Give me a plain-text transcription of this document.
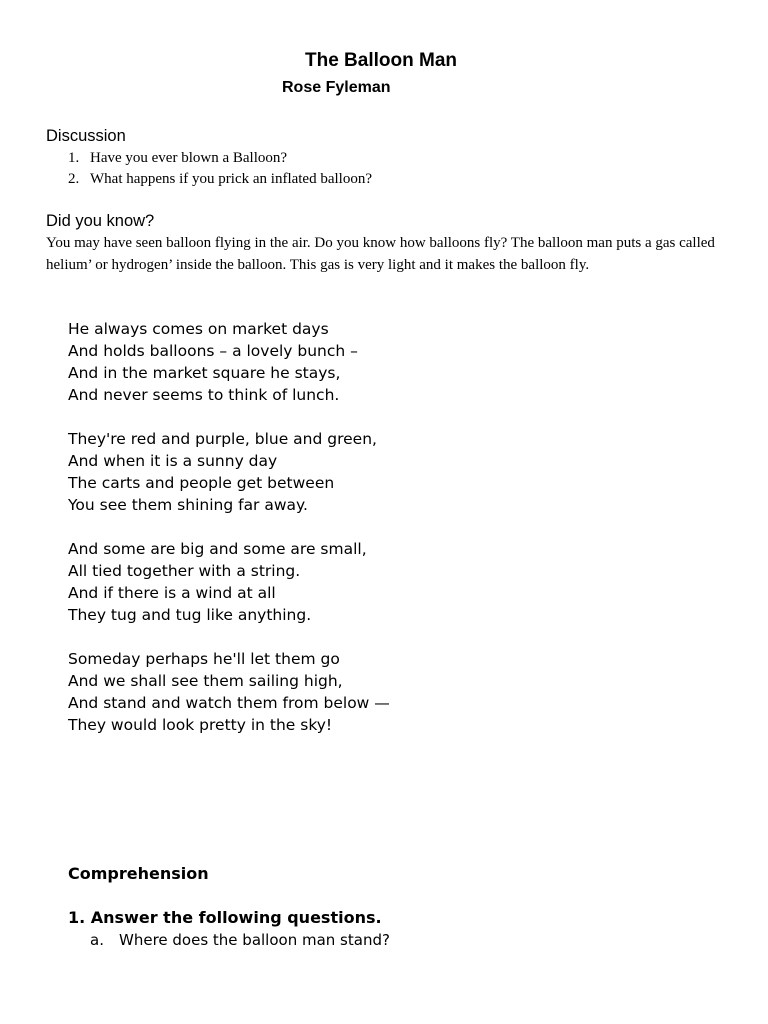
The Balloon Man
Rose Fyleman
Discussion
1. Have you ever blown a Balloon?
2. What happens if you prick an inflated balloon?
Did you know?
You may have seen balloon flying in the air. Do you know how balloons fly? The balloon man puts a gas called helium’ or hydrogen’ inside the balloon. This gas is very light and it makes the balloon fly.
He always comes on market days
And holds balloons – a lovely bunch –
And in the market square he stays,
And never seems to think of lunch.
They're red and purple, blue and green,
And when it is a sunny day
The carts and people get between
You see them shining far away.
And some are big and some are small,
All tied together with a string.
And if there is a wind at all
They tug and tug like anything.
Someday perhaps he'll let them go
And we shall see them sailing high,
And stand and watch them from below —
They would look pretty in the sky!
Comprehension
1. Answer the following questions.
a. Where does the balloon man stand?
